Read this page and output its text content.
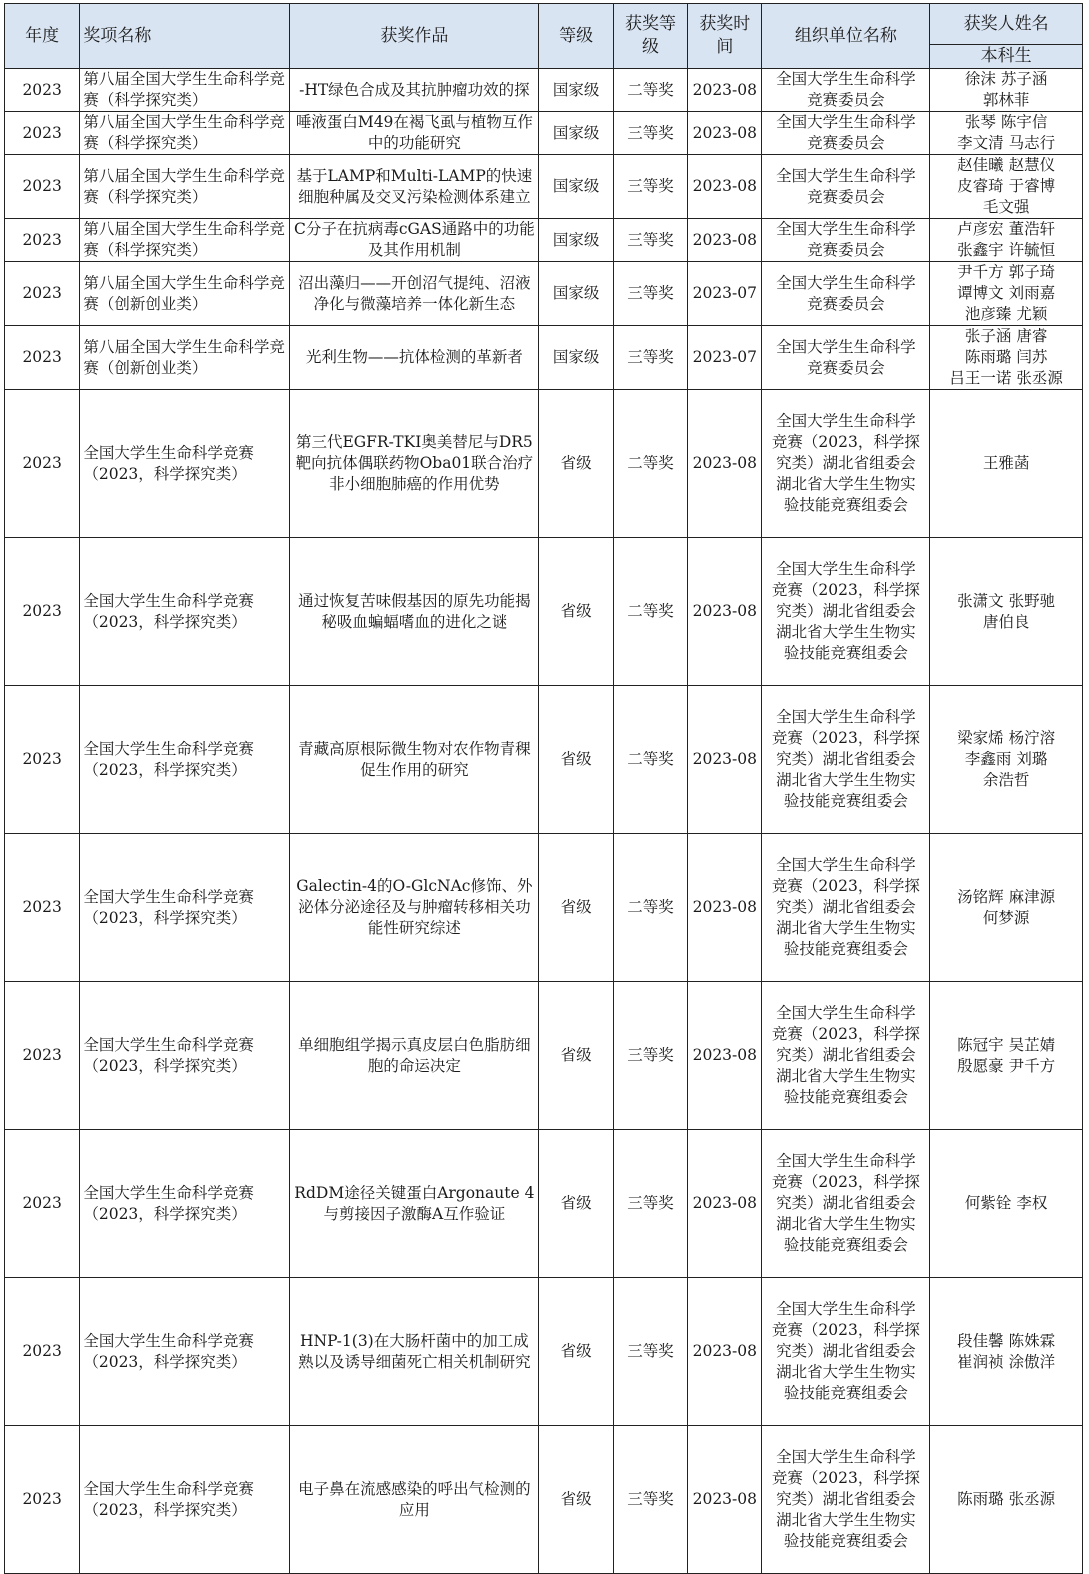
年度	奖项名称	获奖作品	等级	获奖等级	获奖时间	组织单位名称	获奖人姓名
							本科生
2023	第八届全国大学生生命科学竞赛（科学探究类）	-HT绿色合成及其抗肿瘤功效的探	国家级	二等奖	2023-08	全国大学生生命科学
竞赛委员会	徐沫 苏子涵
郭林菲

2023	第八届全国大学生生命科学竞赛（科学探究类）	唾液蛋白M49在褐飞虱与植物互作中的功能研究	国家级	三等奖	2023-08	全国大学生生命科学
竞赛委员会	张琴 陈宇信
李文清 马志行

2023	第八届全国大学生生命科学竞赛（科学探究类）	基于LAMP和Multi-LAMP的快速细胞种属及交叉污染检测体系建立	国家级	三等奖	2023-08	全国大学生生命科学
竞赛委员会	赵佳曦 赵慧仪
皮睿琦 于睿博
毛文强

2023	第八届全国大学生生命科学竞赛（科学探究类）	C分子在抗病毒cGAS通路中的功能及其作用机制	国家级	三等奖	2023-08	全国大学生生命科学
竞赛委员会	卢彦宏 董浩轩
张鑫宇 许毓恒

2023	第八届全国大学生生命科学竞赛（创新创业类）	沼出藻归——开创沼气提纯、沼液净化与微藻培养一体化新生态	国家级	三等奖	2023-07	全国大学生生命科学
竞赛委员会	尹千方 郭子琦
谭博文 刘雨嘉
池彦臻 尤颖

2023	第八届全国大学生生命科学竞赛（创新创业类）	光利生物——抗体检测的革新者	国家级	三等奖	2023-07	全国大学生生命科学
竞赛委员会	张子涵 唐睿
陈雨璐 闫苏
吕王一诺 张丞源

2023	全国大学生生命科学竞赛（2023，科学探究类）	第三代EGFR-TKI奥美替尼与DR5靶向抗体偶联药物Oba01联合治疗非小细胞肺癌的作用优势	省级	二等奖	2023-08	全国大学生生命科学
竞赛（2023，科学探
究类）湖北省组委会
湖北省大学生生物实
验技能竞赛组委会	王雅菡

2023	全国大学生生命科学竞赛（2023，科学探究类）	通过恢复苦味假基因的原先功能揭秘吸血蝙蝠嗜血的进化之谜	省级	二等奖	2023-08	全国大学生生命科学
竞赛（2023，科学探
究类）湖北省组委会
湖北省大学生生物实
验技能竞赛组委会	张潇文 张野驰
唐伯良

2023	全国大学生生命科学竞赛（2023，科学探究类）	青藏高原根际微生物对农作物青稞促生作用的研究	省级	二等奖	2023-08	全国大学生生命科学
竞赛（2023，科学探
究类）湖北省组委会
湖北省大学生生物实
验技能竞赛组委会	梁家烯 杨泞溶
李鑫雨 刘璐
余浩哲

2023	全国大学生生命科学竞赛（2023，科学探究类）	Galectin-4的O-GlcNAc修饰、外泌体分泌途径及与肿瘤转移相关功能性研究综述	省级	二等奖	2023-08	全国大学生生命科学
竞赛（2023，科学探
究类）湖北省组委会
湖北省大学生生物实
验技能竞赛组委会	汤铭辉 麻津源
何梦源

2023	全国大学生生命科学竞赛（2023，科学探究类）	单细胞组学揭示真皮层白色脂肪细胞的命运决定	省级	三等奖	2023-08	全国大学生生命科学
竞赛（2023，科学探
究类）湖北省组委会
湖北省大学生生物实
验技能竞赛组委会	陈冠宇 吴芷婧
殷愿豪 尹千方

2023	全国大学生生命科学竞赛（2023，科学探究类）	RdDM途径关键蛋白Argonaute 4与剪接因子激酶A互作验证	省级	三等奖	2023-08	全国大学生生命科学
竞赛（2023，科学探
究类）湖北省组委会
湖北省大学生生物实
验技能竞赛组委会	何紫铨 李权

2023	全国大学生生命科学竞赛（2023，科学探究类）	HNP-1(3)在大肠杆菌中的加工成熟以及诱导细菌死亡相关机制研究	省级	三等奖	2023-08	全国大学生生命科学
竞赛（2023，科学探
究类）湖北省组委会
湖北省大学生生物实
验技能竞赛组委会	段佳馨 陈姝霖
崔润祯 涂傲洋

2023	全国大学生生命科学竞赛（2023，科学探究类）	电子鼻在流感感染的呼出气检测的应用	省级	三等奖	2023-08	全国大学生生命科学
竞赛（2023，科学探
究类）湖北省组委会
湖北省大学生生物实
验技能竞赛组委会	陈雨璐 张丞源
